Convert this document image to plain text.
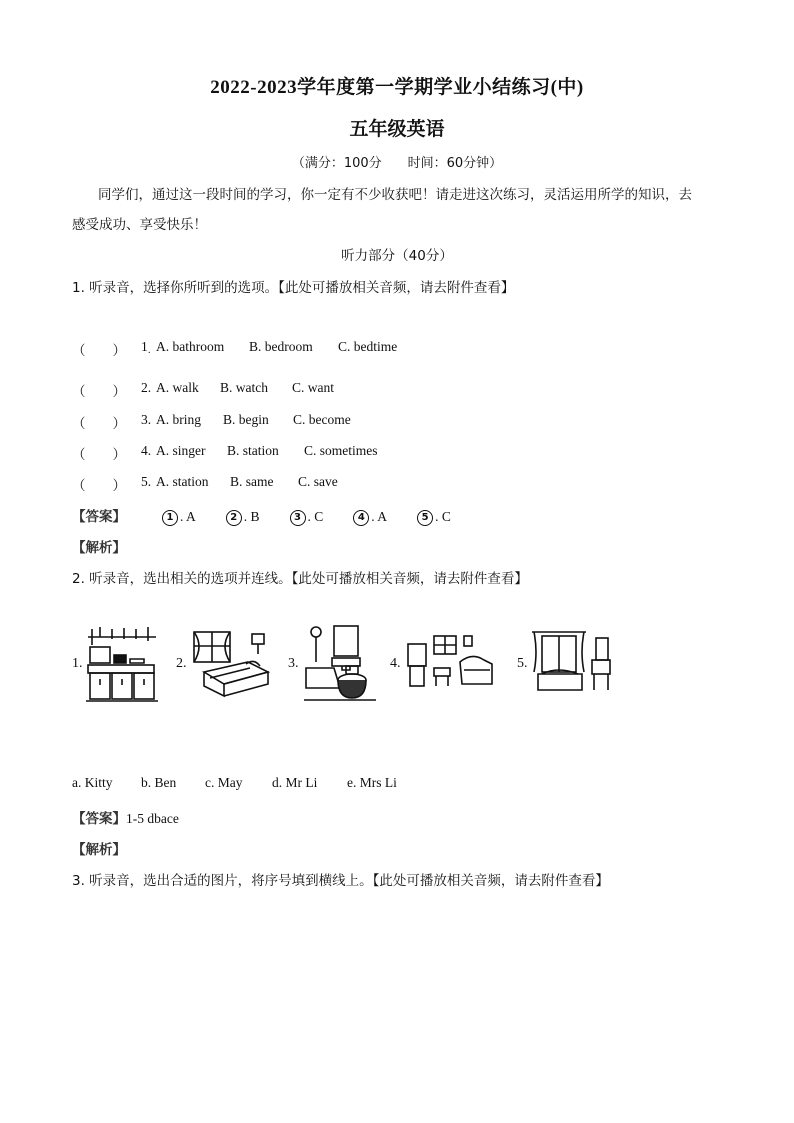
2022-2023学年度第一学期学业小结练习(中)
五年级英语
（满分：100分　　时间：60分钟）
同学们，通过这一段时间的学习，你一定有不少收获吧！请走进这次练习，灵活运用所学的知识，去
感受成功、享受快乐！
听力部分（40分）
1. 听录音，选择你所听到的选项。【此处可播放相关音频，请去附件查看】
（　　） 1 . A. bathroom B. bedroom C. bedtime
（　　） 2. A. walk B. watch C. want
（　　） 3. A. bring B. begin C. become
（　　） 4. A. singer B. station C. sometimes
（　　） 5. A. station B. same C. save
【答案】	1 . A	2 . B	3 . C	4 . A	5 . C
【解析】
2. 听录音，选出相关的选项并连线。【此处可播放相关音频，请去附件查看】
1.	2.	3.	4.	5.
a. Kitty b. Ben c. May d. Mr Li e. Mrs Li
【答案】1-5 dbace
【解析】
3. 听录音，选出合适的图片，将序号填到横线上。【此处可播放相关音频，请去附件查看】
